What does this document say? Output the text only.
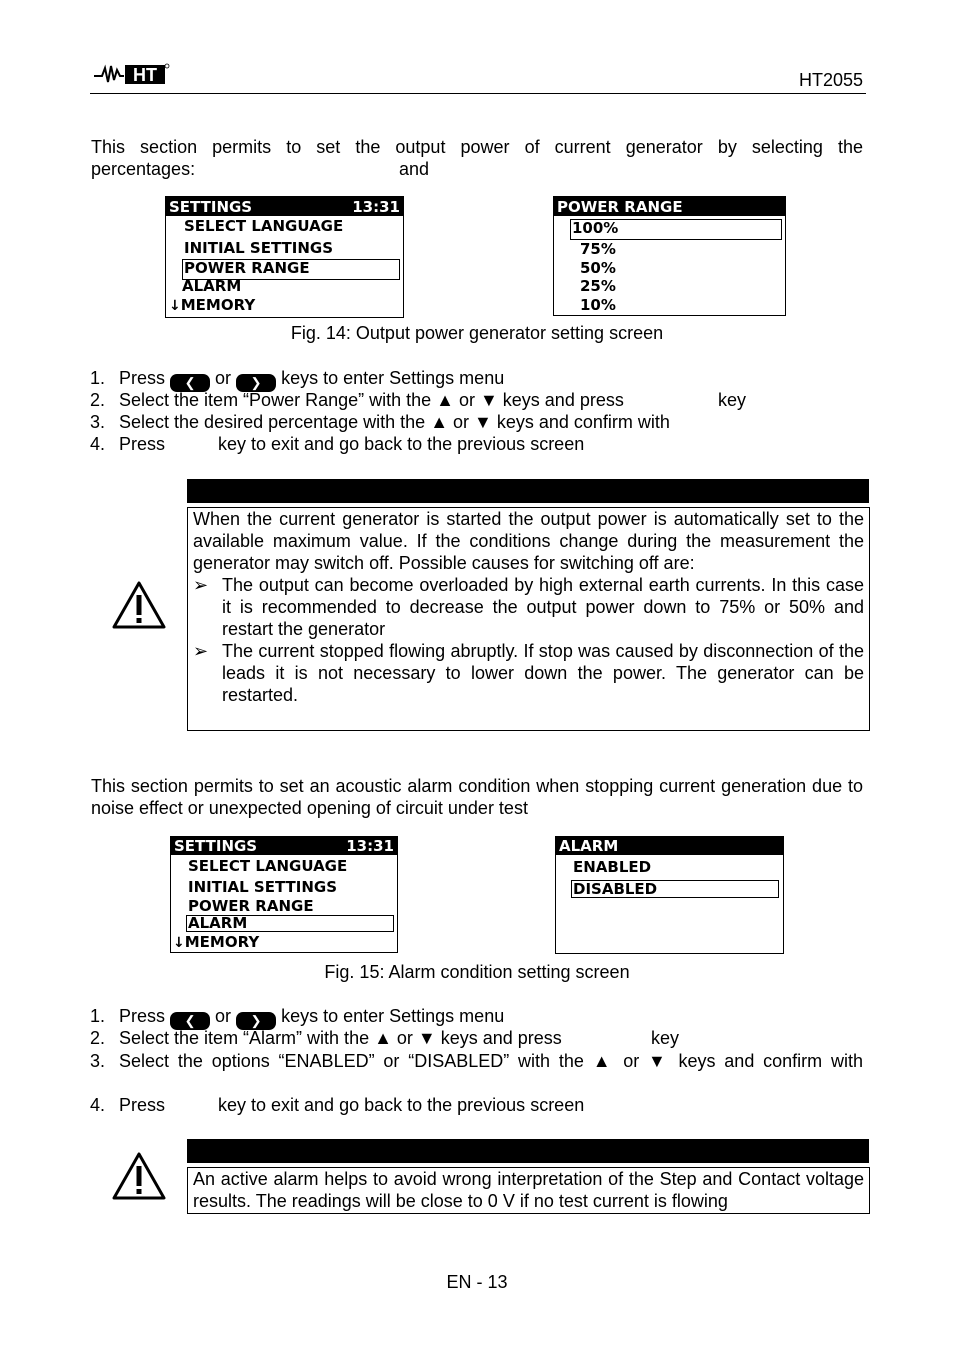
HT	HT2055
This section permits to set the output power of current generator by selecting the
percentages:	and
SETTINGS	13:31
SELECT LANGUAGE
INITIAL SETTINGS
POWER RANGE
ALARM
↓MEMORY
POWER RANGE
100%
75%
50%
25%
10%
Fig. 14: Output power generator setting screen
1. Press ❮ or ❯ keys to enter Settings menu
2. Select the item “Power Range” with the ▲ or ▼ keys and press	key
3. Select the desired percentage with the ▲ or ▼ keys and confirm with
4. Press	key to exit and go back to the previous screen
When the current generator is started the output power is automatically set to the available maximum value. If the conditions change during the measurement the generator may switch off. Possible causes for switching off are:
➢ The output can become overloaded by high external earth currents. In this case it is recommended to decrease the output power down to 75% or 50% and restart the generator
➢ The current stopped flowing abruptly. If stop was caused by disconnection of the leads it is not necessary to lower down the power. The generator can be restarted.
This section permits to set an acoustic alarm condition when stopping current generation due to noise effect or unexpected opening of circuit under test
SETTINGS	13:31
SELECT LANGUAGE
INITIAL SETTINGS
POWER RANGE
ALARM
↓MEMORY
ALARM
ENABLED
DISABLED
Fig. 15: Alarm condition setting screen
1. Press ❮ or ❯ keys to enter Settings menu
2. Select the item “Alarm” with the ▲ or ▼ keys and press	key
3. Select the options “ENABLED” or “DISABLED” with the ▲ or ▼ keys and confirm with
4. Press	key to exit and go back to the previous screen
An active alarm helps to avoid wrong interpretation of the Step and Contact voltage results. The readings will be close to 0 V if no test current is flowing
EN - 13
